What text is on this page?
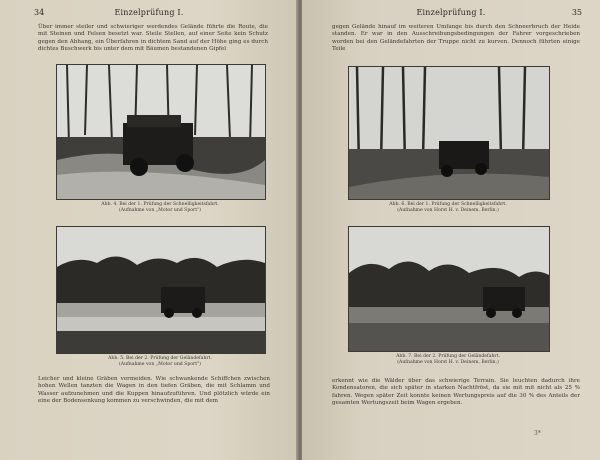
34	Einzelprüfung I.

Über immer steiler und schwieriger werdendes Gelände führte die Route, die mit Steinen und Felsen besetzt war. Steile Stellen, auf einer Seite kein Schutz gegen den Abhang, ein Überfahren in dichtem Sand auf der Höhe ging es durch dichtes Buschwerk bis unter dem mit Bäumen bestandenen Gipfel

Abb. 4. Bei der 1. Prüfung der Schnelligkeitsfahrt.
(Aufnahme von „Motor und Sport")
Abb. 5. Bei der 2. Prüfung der Geländefahrt.
(Aufnahme von „Motor und Sport")

Leicher und kleine Gräben vermeiden. Wie schwankende Schiffchen zwischen hohen Wellen tanzten die Wagen in den tiefen Gräben, die mit Schlamm und Wasser aufzunehmen und die Kuppen hinaufzuführen. Und plötzlich würde ein eine der Bodensenkung kommen zu verschwinden, die mit dem

Einzelprüfung I.	35

gegen Gelände hinauf im weiteren Umfange bis durch den Schneerbruch der Heide standen. Er war in den Ausschreibungsbedingungen der Fahrer vorgeschrieben worden bei den Geländefahrten der Truppe nicht zu kurven. Dennoch führten einige Teile

Abb. 6. Bei der 1. Prüfung der Schnelligkeitsfahrt.
(Aufnahme von Horst H. v. Deinem, Berlin.)
Abb. 7. Bei der 2. Prüfung der Geländefahrt.
(Aufnahme von Horst H. v. Deinem, Berlin.)

erkennt wie die Wälder über das schwierige Terrain. Sie leuchten dadurch ihre Kondensatoren, die sich später in starken Nachtfröst, da sie mit mit nicht als 25 % fahren. Wegen später Zeit konnte keinen Wertungspreis auf die 30 % des Anteils der gesamten Wertungszeit beim Wagen ergeben.

3*
